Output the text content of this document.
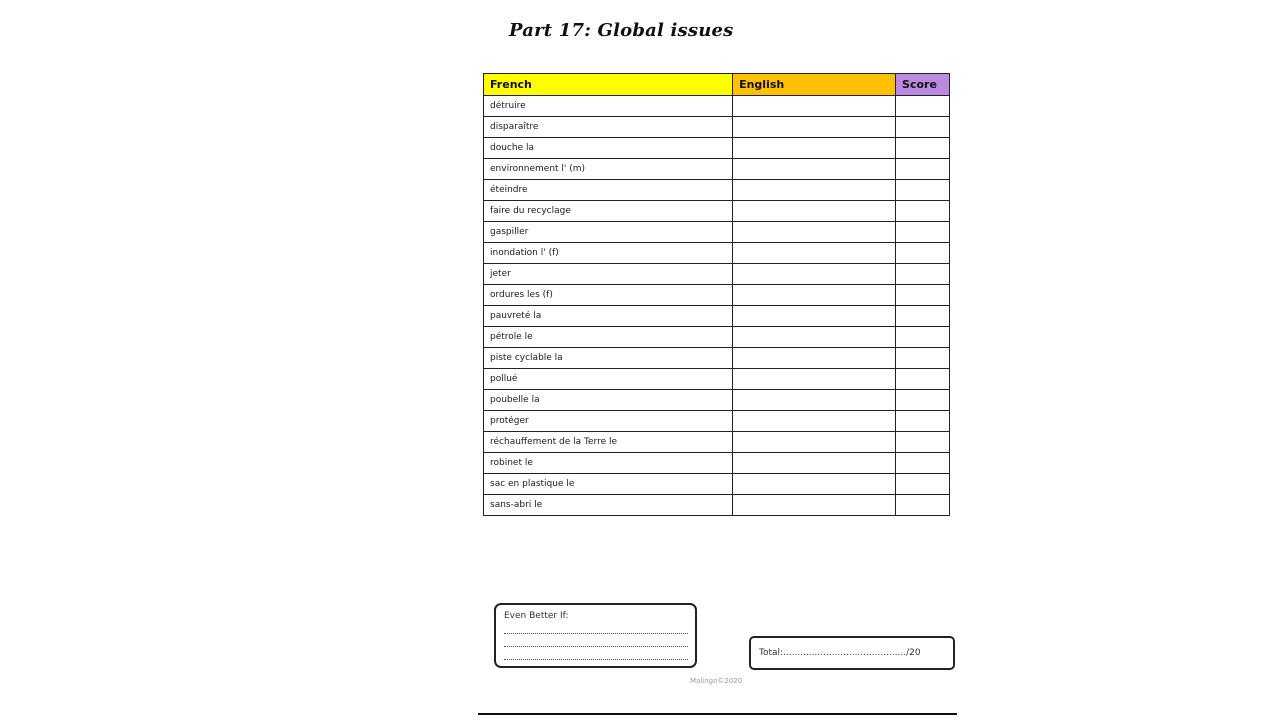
Part 17: Global issues
French	English	Score
détruire		
disparaître		
douche la		
environnement l' (m)		
éteindre		
faire du recyclage		
gaspiller		
inondation l' (f)		
jeter		
ordures les (f)		
pauvreté la		
pétrole le		
piste cyclable la		
pollué		
poubelle la		
protéger		
réchauffement de la Terre le		
robinet le		
sac en plastique le		
sans-abri le		
Even Better If:
Total:.........................................../20
Malingo©2020
